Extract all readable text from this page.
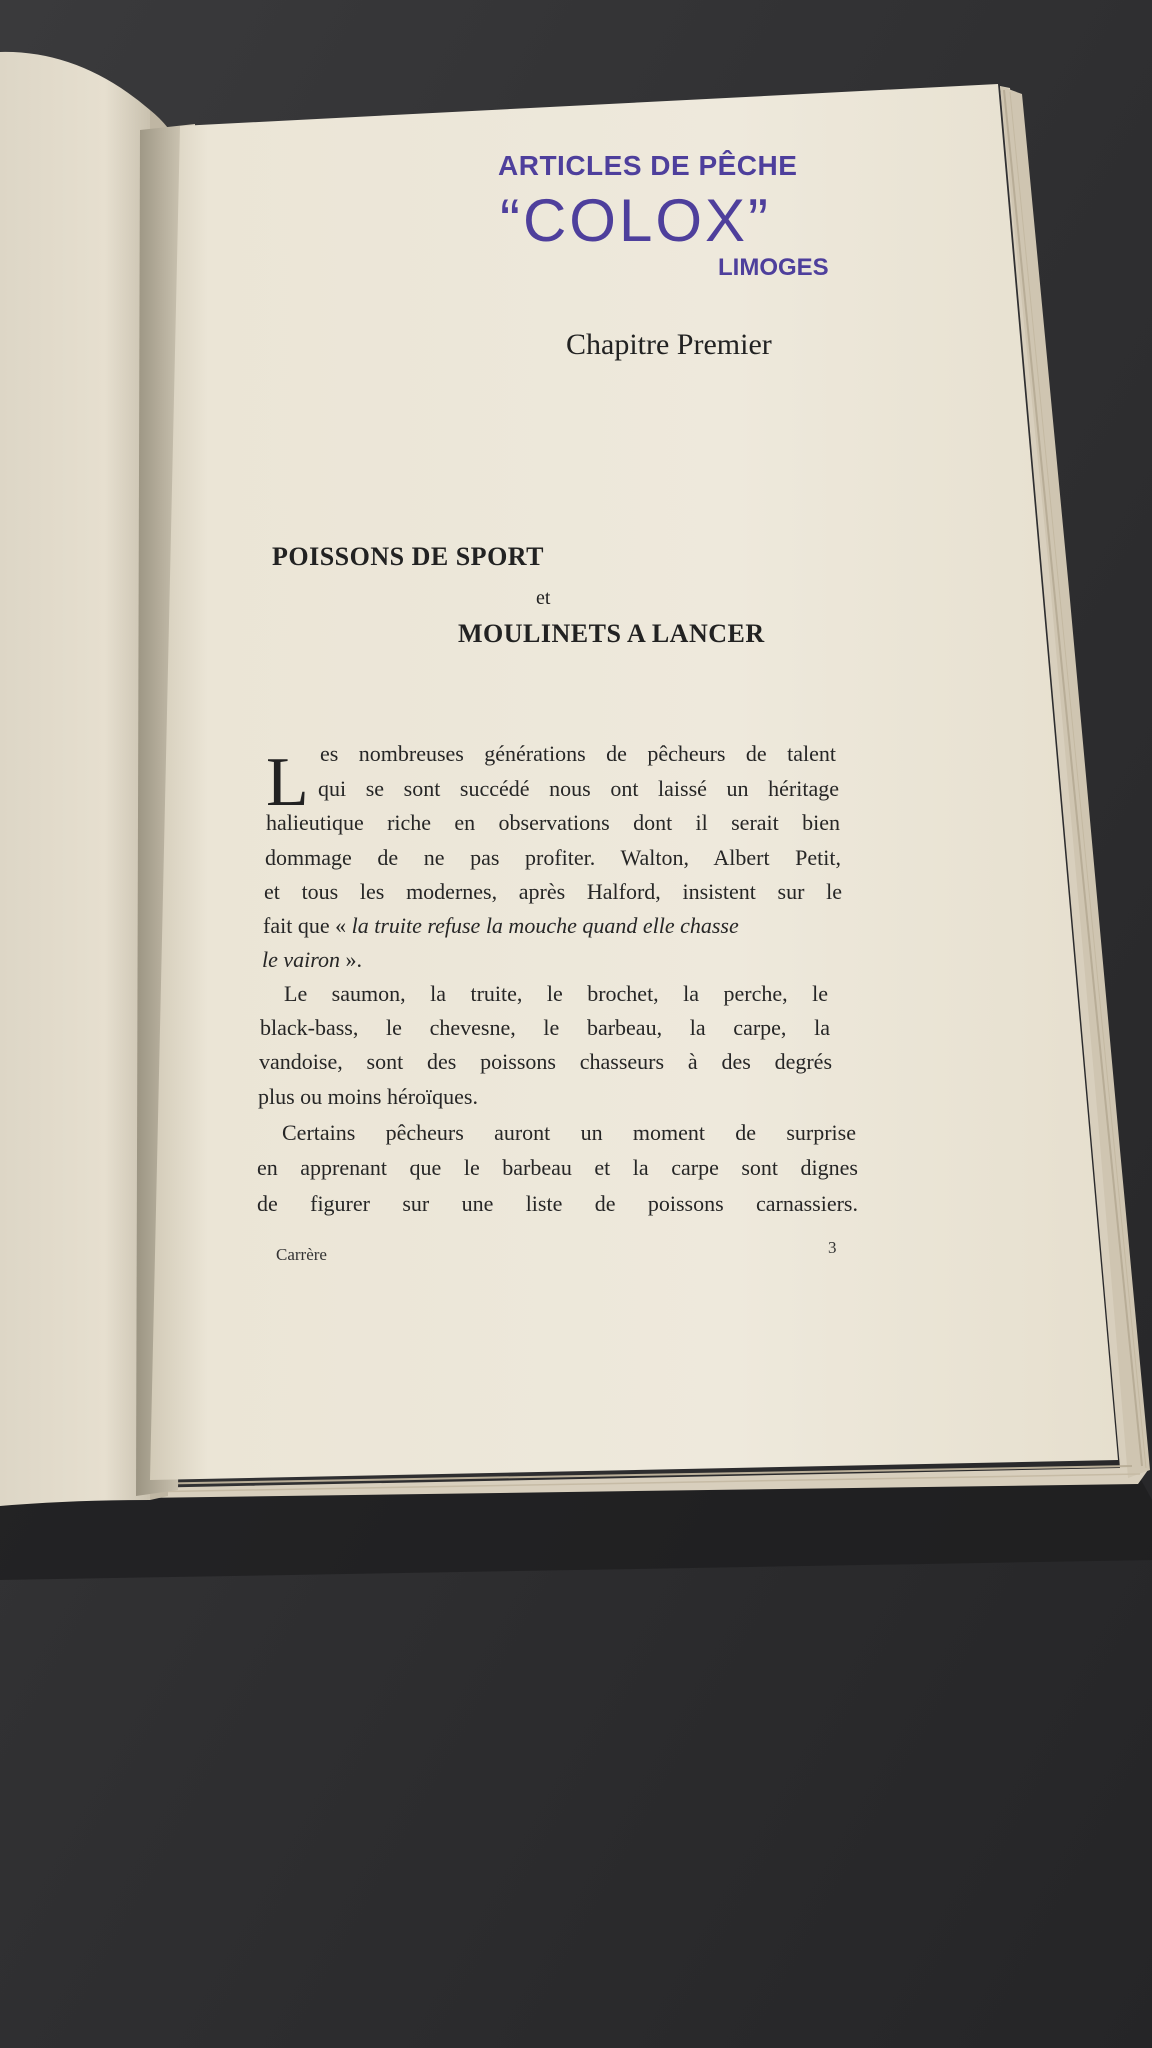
ARTICLES DE PÊCHE
“COLOX”
LIMOGES
Chapitre Premier
POISSONS DE SPORT
et
MOULINETS A LANCER
L es nombreuses générations de pêcheurs de talent
qui se sont succédé nous ont laissé un héritage
halieutique riche en observations dont il serait bien
dommage de ne pas profiter. Walton, Albert Petit,
et tous les modernes, après Halford, insistent sur le
fait que « la truite refuse la mouche quand elle chasse
le vairon ».
Le saumon, la truite, le brochet, la perche, le
black-bass, le chevesne, le barbeau, la carpe, la
vandoise, sont des poissons chasseurs à des degrés
plus ou moins héroïques.
Certains pêcheurs auront un moment de surprise
en apprenant que le barbeau et la carpe sont dignes
de figurer sur une liste de poissons carnassiers.
Carrère	3
